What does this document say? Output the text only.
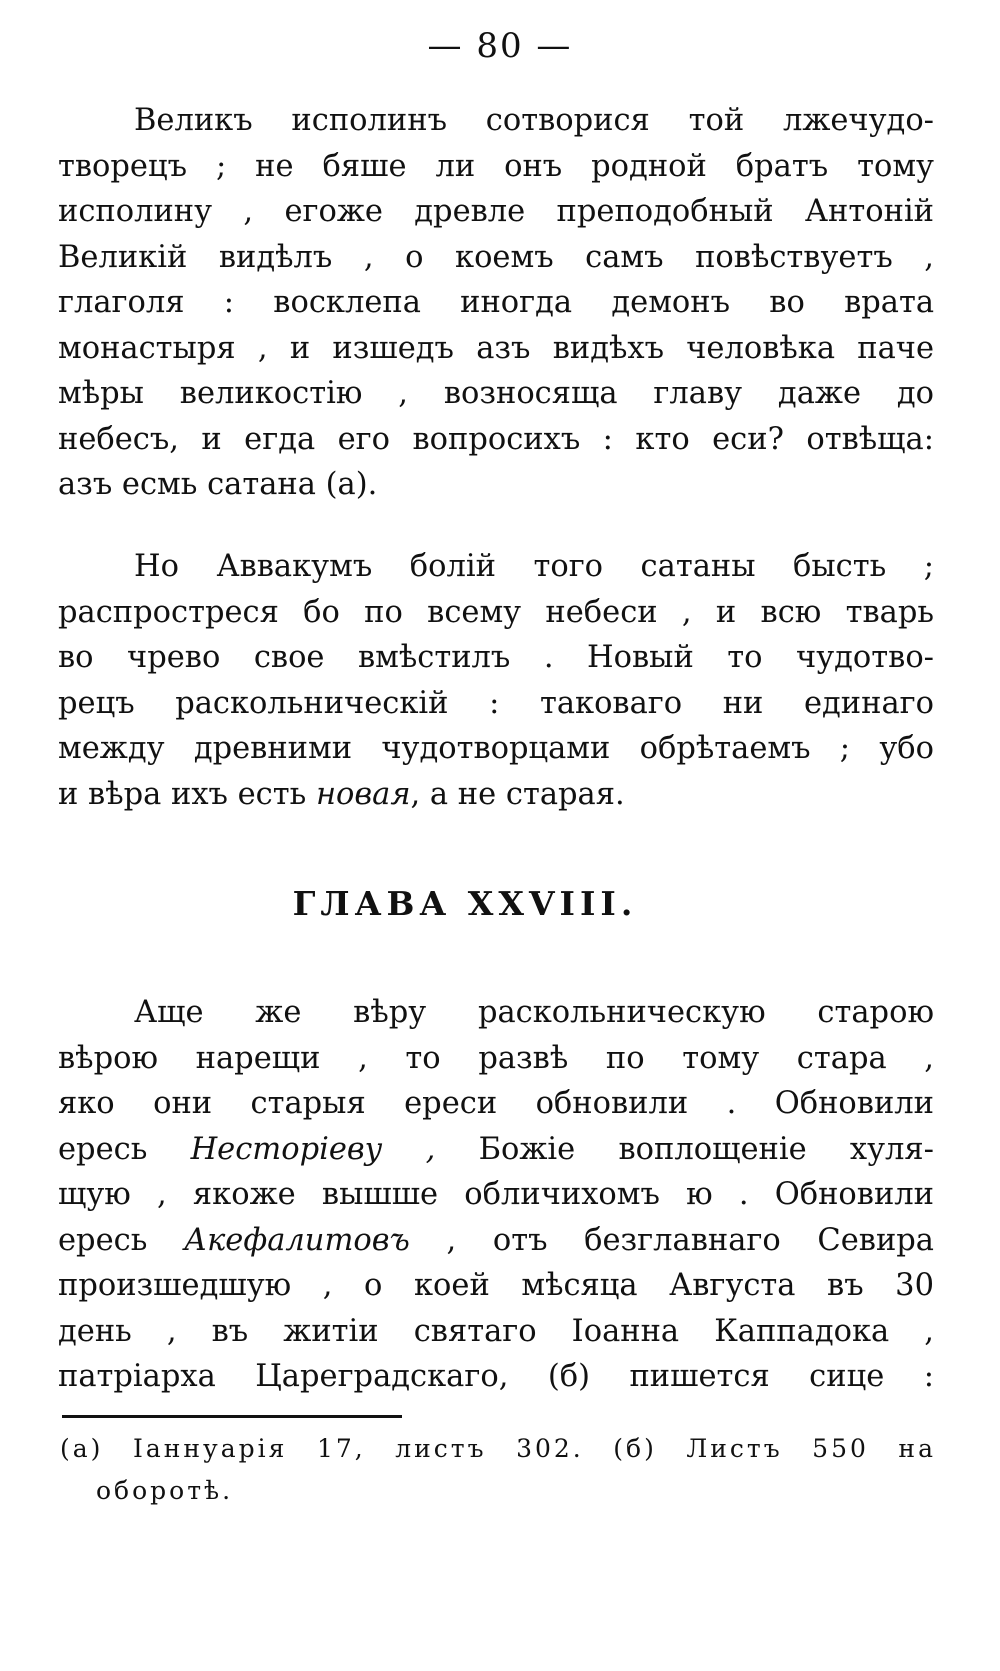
— 80 —
Великъ исполинъ сотворися той лжечудо-
творецъ ; не бяше ли онъ родной братъ тому
исполину , егоже древле преподобный Антоній
Великій видѣлъ , о коемъ самъ повѣствуетъ ,
глаголя : восклепа иногда демонъ во врата
монастыря , и изшедъ азъ видѣхъ человѣка паче
мѣры великостію , возносяща главу даже до
небесъ, и егда его вопросихъ : кто еси? отвѣща:
азъ есмь сатана (а).
Но Аввакумъ болій того сатаны бысть ;
распростреся бо по всему небеси , и всю тварь
во чрево свое вмѣстилъ . Новый то чудотво-
рецъ раскольническій : таковаго ни единаго
между древними чудотворцами обрѣтаемъ ; убо
и вѣра ихъ есть новая, а не старая.
ГЛАВА XXVIII.
Аще же вѣру раскольническую старою
вѣрою нарещи , то развѣ по тому стара ,
яко они старыя ереси обновили . Обновили
ересь Несторіеву , Божіе воплощеніе хуля-
щую , якоже вышше обличихомъ ю . Обновили
ересь Акефалитовъ , отъ безглавнаго Севира
произшедшую , о коей мѣсяца Августа въ 30
день , въ житіи святаго Іоанна Каппадока ,
патріарха Цареградскаго, (б) пишется сице :
(а) Іаннуарія 17, листъ 302. (б) Листъ 550 на
оборотѣ.
